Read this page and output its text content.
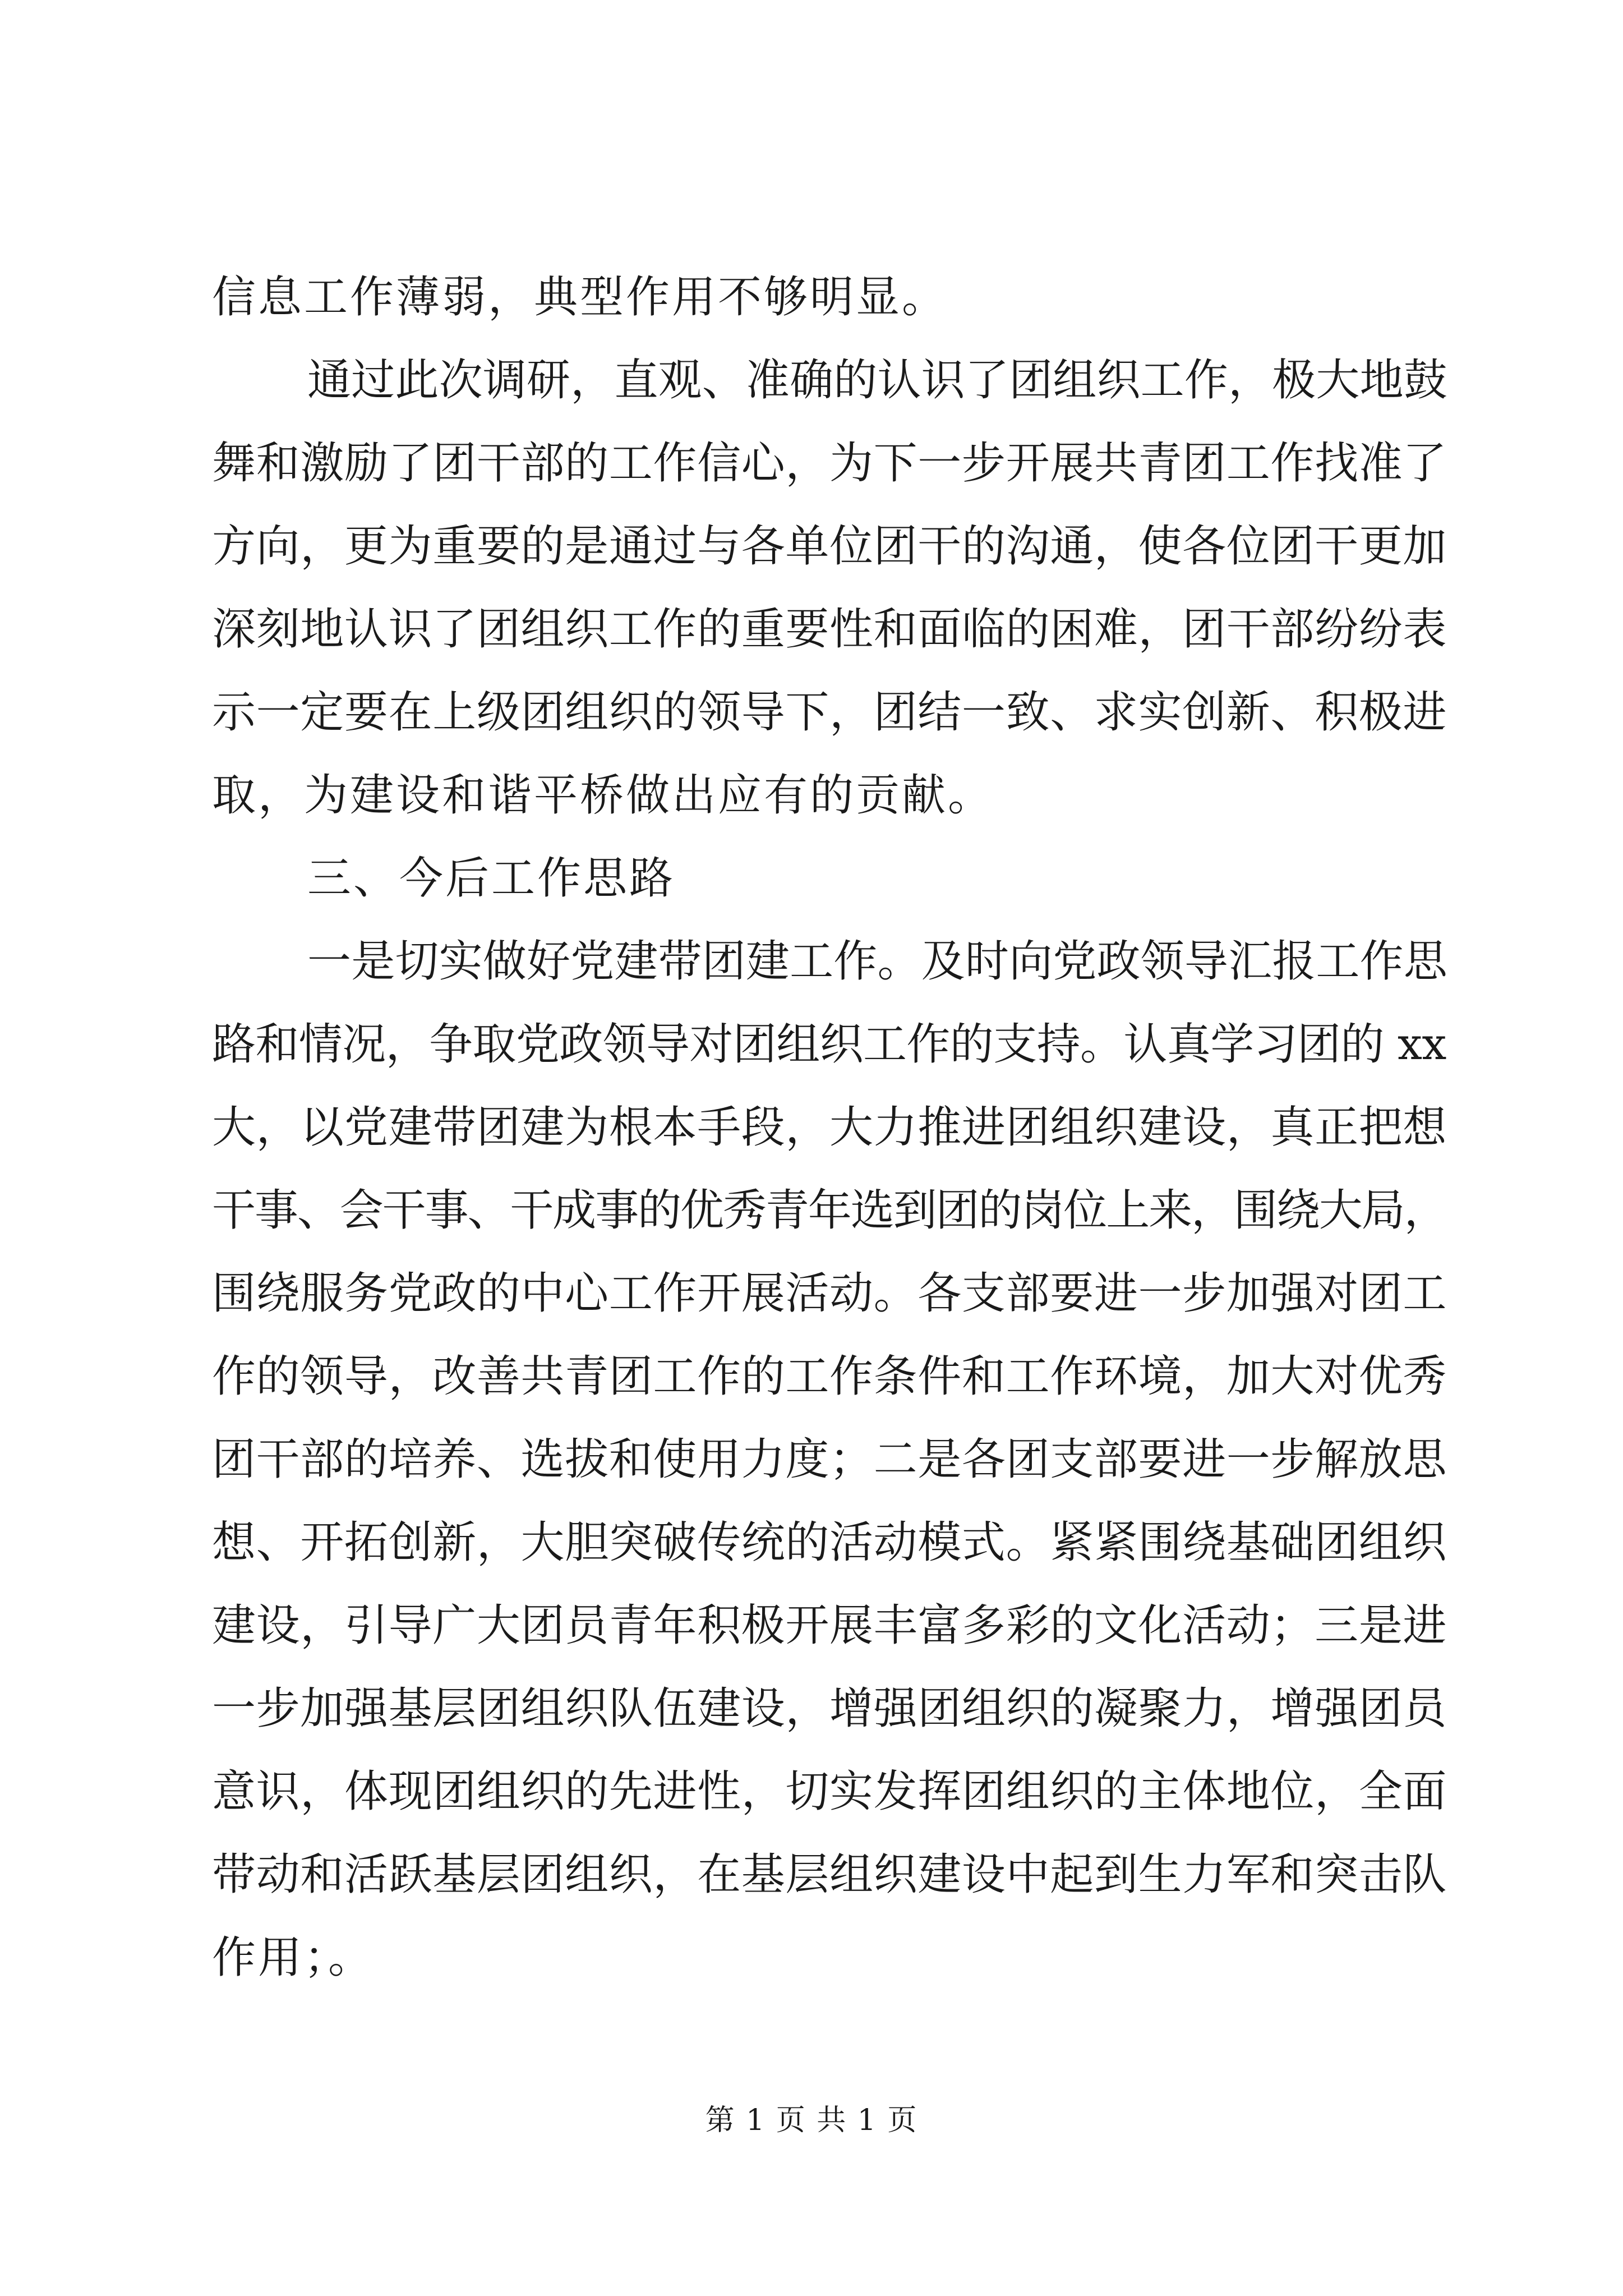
信息工作薄弱，典型作用不够明显。

通过此次调研，直观、准确的认识了团组织工作，极大地鼓

舞和激励了团干部的工作信心，为下一步开展共青团工作找准了

方向，更为重要的是通过与各单位团干的沟通，使各位团干更加

深刻地认识了团组织工作的重要性和面临的困难，团干部纷纷表

示一定要在上级团组织的领导下，团结一致、求实创新、积极进

取，为建设和谐平桥做出应有的贡献。

三、今后工作思路

一是切实做好党建带团建工作。及时向党政领导汇报工作思

路和情况，争取党政领导对团组织工作的支持。认真学习团的 xx

大，以党建带团建为根本手段，大力推进团组织建设，真正把想

干事、会干事、干成事的优秀青年选到团的岗位上来，围绕大局，

围绕服务党政的中心工作开展活动。各支部要进一步加强对团工

作的领导，改善共青团工作的工作条件和工作环境，加大对优秀

团干部的培养、选拔和使用力度；二是各团支部要进一步解放思

想、开拓创新，大胆突破传统的活动模式。紧紧围绕基础团组织

建设，引导广大团员青年积极开展丰富多彩的文化活动；三是进

一步加强基层团组织队伍建设，增强团组织的凝聚力，增强团员

意识，体现团组织的先进性，切实发挥团组织的主体地位，全面

带动和活跃基层团组织，在基层组织建设中起到生力军和突击队

作用；。

第 1 页 共 1 页
